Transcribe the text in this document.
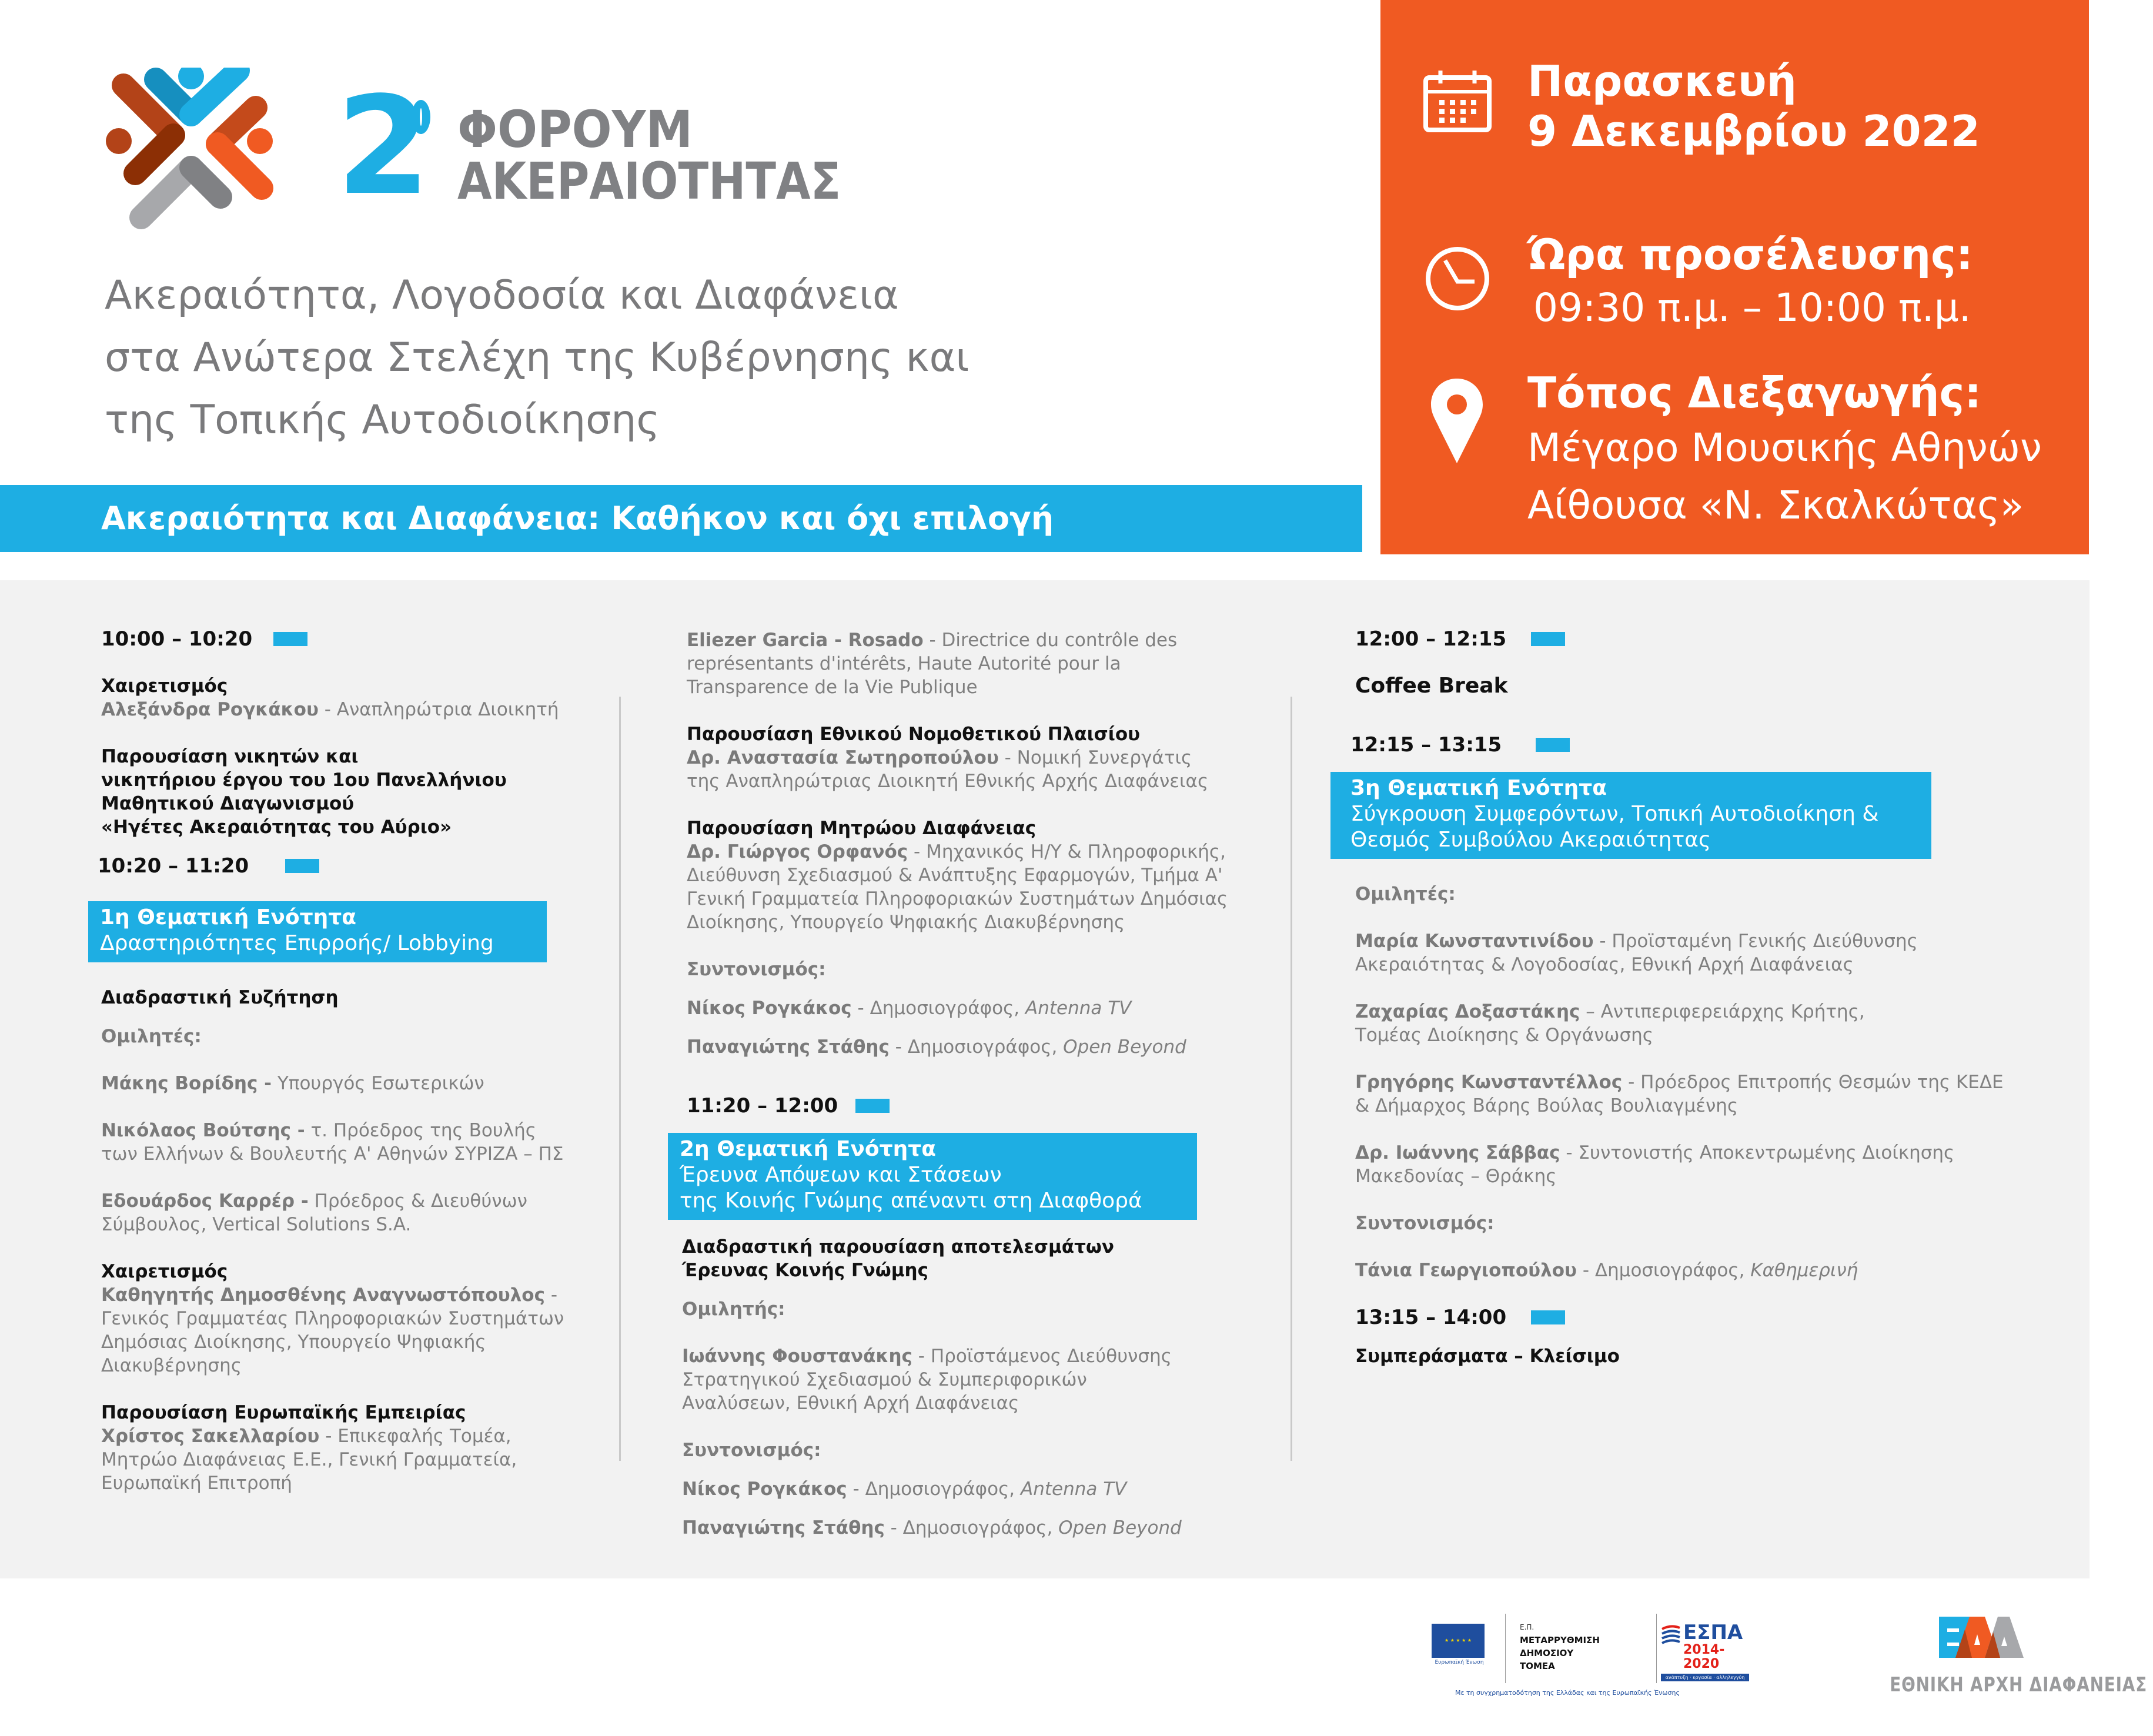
2 ΦΟΡΟΥΜ
ΑΚΕΡΑΙΟΤΗΤΑΣ
Ακεραιότητα, Λογοδοσία και Διαφάνεια
στα Ανώτερα Στελέχη της Κυβέρνησης και
της Τοπικής Αυτοδιοίκησης
Ακεραιότητα και Διαφάνεια: Καθήκον και όχι επιλογή
Παρασκευή
9 Δεκεμβρίου 2022
Ώρα προσέλευσης:
09:30 π.μ. – 10:00 π.μ.
Τόπος Διεξαγωγής:
Μέγαρο Μουσικής Αθηνών
Αίθουσα «Ν. Σκαλκώτας»
10:00 – 10:20
Χαιρετισμός
Αλεξάνδρα Ρογκάκου - Αναπληρώτρια Διοικητή
Παρουσίαση νικητών και
νικητήριου έργου του 1ου Πανελλήνιου
Μαθητικού Διαγωνισμού
«Ηγέτες Ακεραιότητας του Αύριο»
10:20 – 11:20
1η Θεματική Ενότητα
Δραστηριότητες Επιρροής/ Lobbying
Διαδραστική Συζήτηση
Ομιλητές:
Μάκης Βορίδης - Υπουργός Εσωτερικών
Νικόλαος Βούτσης - τ. Πρόεδρος της Βουλής των Ελλήνων & Βουλευτής Α' Αθηνών ΣΥΡΙΖΑ – ΠΣ
Εδουάρδος Καρρέρ - Πρόεδρος & Διευθύνων Σύμβουλος, Vertical Solutions S.A.
Χαιρετισμός
Καθηγητής Δημοσθένης Αναγνωστόπουλος - Γενικός Γραμματέας Πληροφοριακών Συστημάτων Δημόσιας Διοίκησης, Υπουργείο Ψηφιακής Διακυβέρνησης
Παρουσίαση Ευρωπαϊκής Εμπειρίας
Χρίστος Σακελλαρίου - Επικεφαλής Τομέα, Μητρώο Διαφάνειας Ε.Ε., Γενική Γραμματεία, Ευρωπαϊκή Επιτροπή
Eliezer Garcia - Rosado - Directrice du contrôle des représentants d'intérêts, Haute Autorité pour la Transparence de la Vie Publique
Παρουσίαση Εθνικού Νομοθετικού Πλαισίου
Δρ. Αναστασία Σωτηροπούλου - Νομική Συνεργάτις της Αναπληρώτριας Διοικητή Εθνικής Αρχής Διαφάνειας
Παρουσίαση Μητρώου Διαφάνειας
Δρ. Γιώργος Ορφανός - Μηχανικός Η/Υ & Πληροφορικής, Διεύθυνση Σχεδιασμού & Ανάπτυξης Εφαρμογών, Τμήμα Α' Γενική Γραμματεία Πληροφοριακών Συστημάτων Δημόσιας Διοίκησης, Υπουργείο Ψηφιακής Διακυβέρνησης
Συντονισμός:
Νίκος Ρογκάκος - Δημοσιογράφος, Antenna TV
Παναγιώτης Στάθης - Δημοσιογράφος, Open Beyond
11:20 – 12:00
2η Θεματική Ενότητα
Έρευνα Απόψεων και Στάσεων
της Κοινής Γνώμης απέναντι στη Διαφθορά
Διαδραστική παρουσίαση αποτελεσμάτων
Έρευνας Κοινής Γνώμης
Ομιλητής:
Ιωάννης Φουστανάκης - Προϊστάμενος Διεύθυνσης Στρατηγικού Σχεδιασμού & Συμπεριφορικών Αναλύσεων, Εθνική Αρχή Διαφάνειας
Συντονισμός:
Νίκος Ρογκάκος - Δημοσιογράφος, Antenna TV
Παναγιώτης Στάθης - Δημοσιογράφος, Open Beyond
12:00 – 12:15
Coffee Break
12:15 – 13:15
3η Θεματική Ενότητα
Σύγκρουση Συμφερόντων, Τοπική Αυτοδιοίκηση &
Θεσμός Συμβούλου Ακεραιότητας
Ομιλητές:
Μαρία Κωνσταντινίδου - Προϊσταμένη Γενικής Διεύθυνσης Ακεραιότητας & Λογοδοσίας, Εθνική Αρχή Διαφάνειας
Ζαχαρίας Δοξαστάκης – Αντιπεριφερειάρχης Κρήτης, Τομέας Διοίκησης & Οργάνωσης
Γρηγόρης Κωνσταντέλλος - Πρόεδρος Επιτροπής Θεσμών της ΚΕΔΕ & Δήμαρχος Βάρης Βούλας Βουλιαγμένης
Δρ. Ιωάννης Σάββας - Συντονιστής Αποκεντρωμένης Διοίκησης Μακεδονίας – Θράκης
Συντονισμός:
Τάνια Γεωργιοπούλου - Δημοσιογράφος, Καθημερινή
13:15 – 14:00
Συμπεράσματα – Κλείσιμο
★ ★ ★ ★ ★
Ευρωπαϊκή Ένωση
Ε.Π.
ΜΕΤΑΡΡΥΘΜΙΣΗ
ΔΗΜΟΣΙΟΥ
ΤΟΜΕΑ
ΕΣΠΑ
2014-2020
ανάπτυξη · εργασία · αλληλεγγύη
Με τη συγχρηματοδότηση της Ελλάδας και της Ευρωπαϊκής Ένωσης	ΕΘΝΙΚΗ ΑΡΧΗ ΔΙΑΦΑΝΕΙΑΣ
